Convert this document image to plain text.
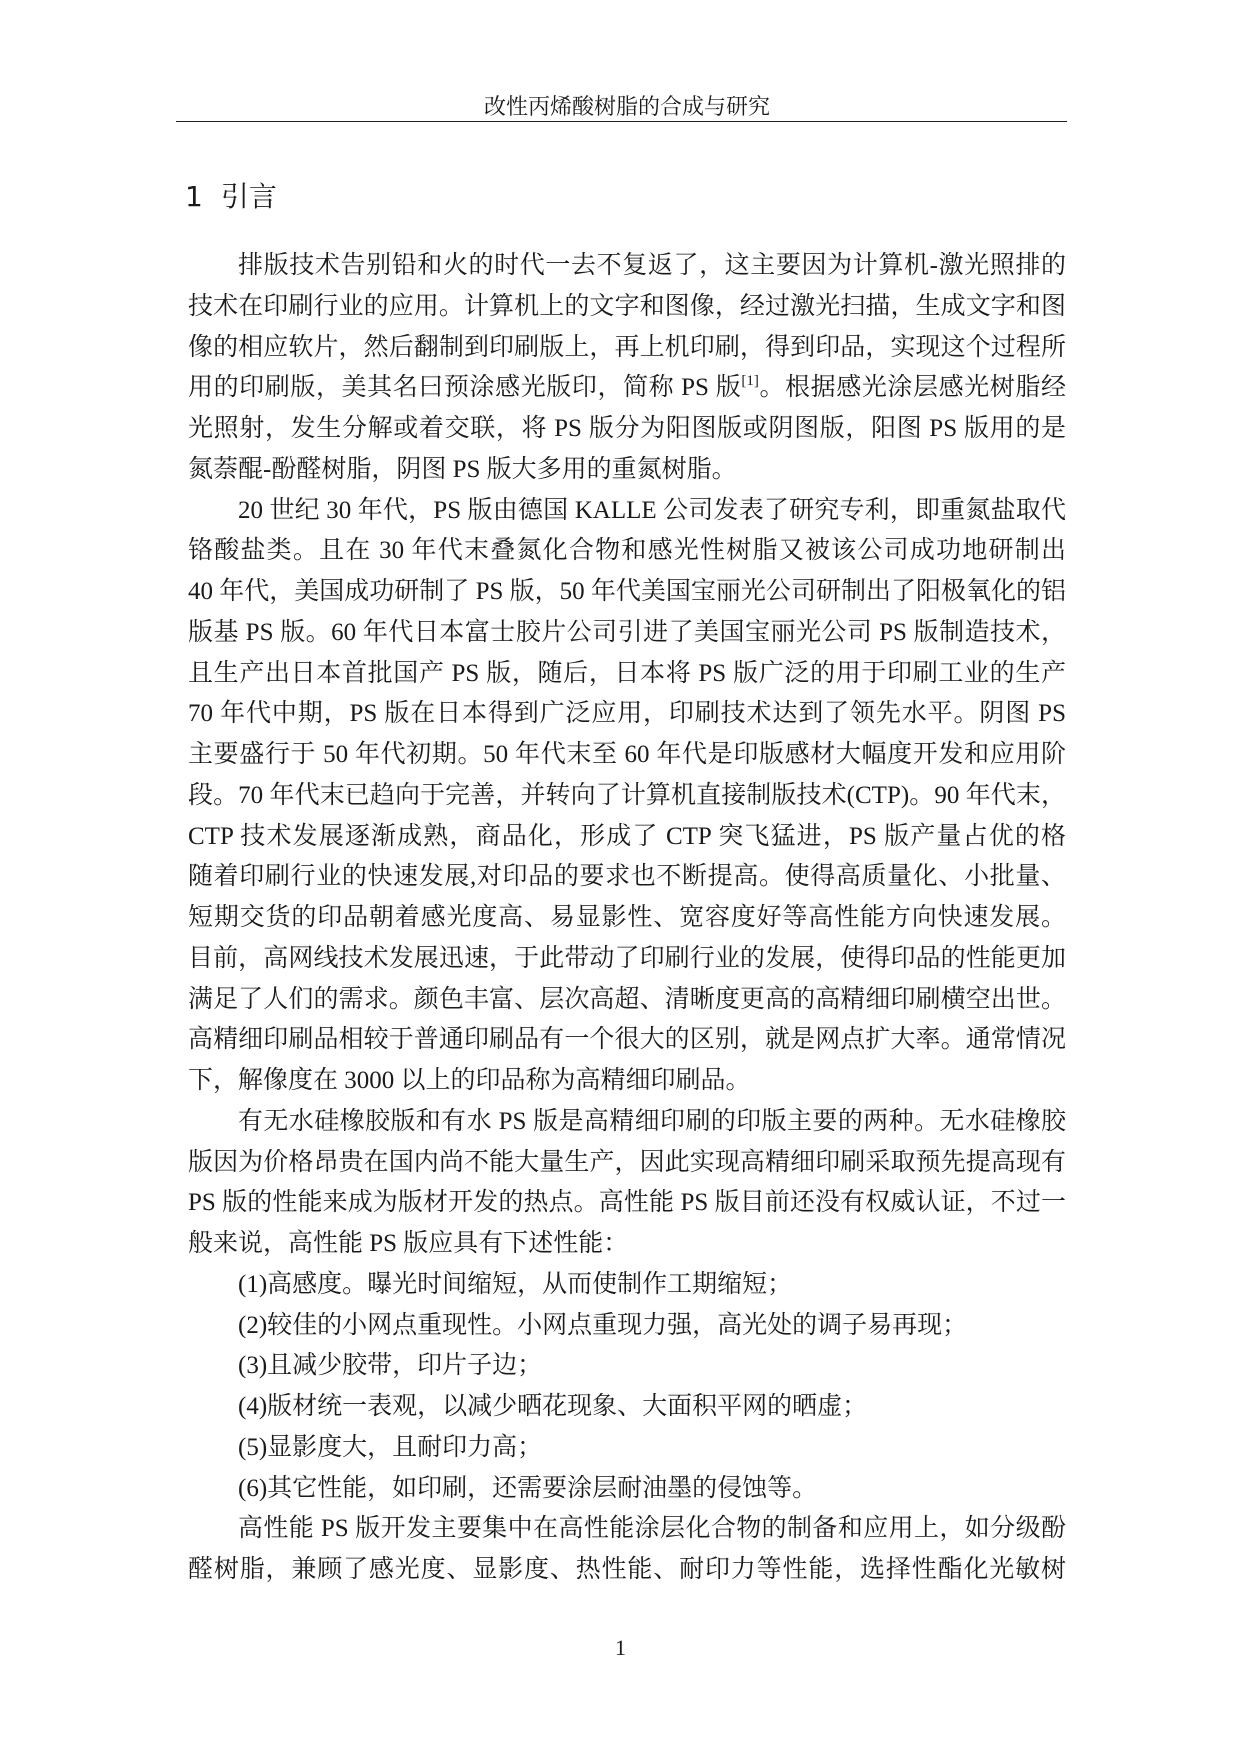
改性丙烯酸树脂的合成与研究
1 引言
排版技术告别铅和火的时代一去不复返了，这主要因为计算机-激光照排的
技术在印刷行业的应用。计算机上的文字和图像，经过激光扫描，生成文字和图
像的相应软片，然后翻制到印刷版上，再上机印刷，得到印品，实现这个过程所
用的印刷版，美其名曰预涂感光版印，简称 PS 版[1]。根据感光涂层感光树脂经
光照射，发生分解或着交联，将 PS 版分为阳图版或阴图版，阳图 PS 版用的是
氮萘醌-酚醛树脂，阴图 PS 版大多用的重氮树脂。
20 世纪 30 年代，PS 版由德国 KALLE 公司发表了研究专利，即重氮盐取代
铬酸盐类。且在 30 年代末叠氮化合物和感光性树脂又被该公司成功地研制出
40 年代，美国成功研制了 PS 版，50 年代美国宝丽光公司研制出了阳极氧化的铝
版基 PS 版。60 年代日本富士胶片公司引进了美国宝丽光公司 PS 版制造技术，
且生产出日本首批国产 PS 版，随后，日本将 PS 版广泛的用于印刷工业的生产
70 年代中期，PS 版在日本得到广泛应用，印刷技术达到了领先水平。阴图 PS
主要盛行于 50 年代初期。50 年代末至 60 年代是印版感材大幅度开发和应用阶
段。70 年代末已趋向于完善，并转向了计算机直接制版技术(CTP)。90 年代末，
CTP 技术发展逐渐成熟，商品化，形成了 CTP 突飞猛进，PS 版产量占优的格
随着印刷行业的快速发展,对印品的要求也不断提高。使得高质量化、小批量、
短期交货的印品朝着感光度高、易显影性、宽容度好等高性能方向快速发展。
目前，高网线技术发展迅速，于此带动了印刷行业的发展，使得印品的性能更加
满足了人们的需求。颜色丰富、层次高超、清晰度更高的高精细印刷横空出世。
高精细印刷品相较于普通印刷品有一个很大的区别，就是网点扩大率。通常情况
下，解像度在 3000 以上的印品称为高精细印刷品。
有无水硅橡胶版和有水 PS 版是高精细印刷的印版主要的两种。无水硅橡胶
版因为价格昂贵在国内尚不能大量生产，因此实现高精细印刷采取预先提高现有
PS 版的性能来成为版材开发的热点。高性能 PS 版目前还没有权威认证，不过一
般来说，高性能 PS 版应具有下述性能：
(1)高感度。曝光时间缩短，从而使制作工期缩短；
(2)较佳的小网点重现性。小网点重现力强，高光处的调子易再现；
(3)且减少胶带，印片子边；
(4)版材统一表观，以减少晒花现象、大面积平网的晒虚；
(5)显影度大，且耐印力高；
(6)其它性能，如印刷，还需要涂层耐油墨的侵蚀等。
高性能 PS 版开发主要集中在高性能涂层化合物的制备和应用上，如分级酚
醛树脂，兼顾了感光度、显影度、热性能、耐印力等性能，选择性酯化光敏树
1
